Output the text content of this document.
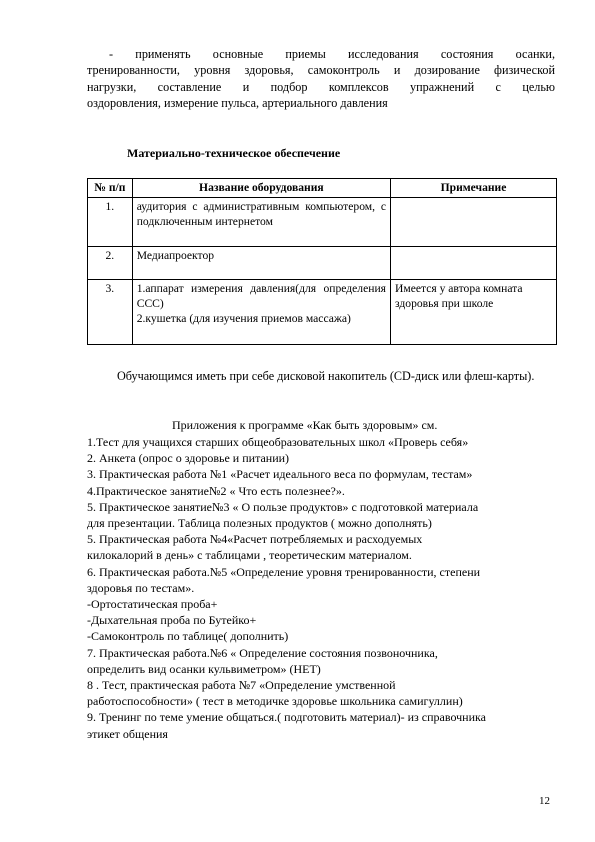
- применять основные приемы исследования состояния осанки,
тренированности, уровня здоровья, самоконтроль и дозирование физической
нагрузки, составление и подбор комплексов упражнений с целью
оздоровления, измерение пульса, артериального давления
Материально-техническое обеспечение
№ п/п	Название оборудования	Примечание
1.	аудитория с административным компьютером, с подключенным интернетом	

2.	Медиапроектор	

3.	1.аппарат измерения давления(для определения ССС)
2.кушетка (для изучения приемов массажа)	Имеется у автора комната здоровья при школе
Обучающимся иметь при себе дисковой накопитель (CD-диск или флеш-карты).
Приложения к программе «Как быть здоровым» см.
1.Тест для учащихся старших общеобразовательных школ «Проверь себя»
2. Анкета (опрос о здоровье и питании)
3. Практическая работа №1 «Расчет идеального веса по формулам, тестам»
4.Практическое занятие№2 « Что есть полезнее?».
5. Практическое занятие№3 « О пользе продуктов» с подготовкой материала
для презентации. Таблица полезных продуктов ( можно дополнять)
5. Практическая работа №4«Расчет потребляемых и расходуемых
килокалорий в день» с таблицами , теоретическим материалом.
6. Практическая работа.№5 «Определение уровня тренированности, степени
здоровья по тестам».
-Ортостатическая проба+
-Дыхательная проба по Бутейко+
-Самоконтроль по таблице( дополнить)
7. Практическая работа.№6 « Определение состояния позвоночника,
определить вид осанки кульвиметром» (НЕТ)
8 . Тест, практическая работа №7 «Определение умственной
работоспособности» ( тест в методичке здоровье школьника самигуллин)
9. Тренинг по теме умение общаться.( подготовить материал)- из справочника
этикет общения
12
